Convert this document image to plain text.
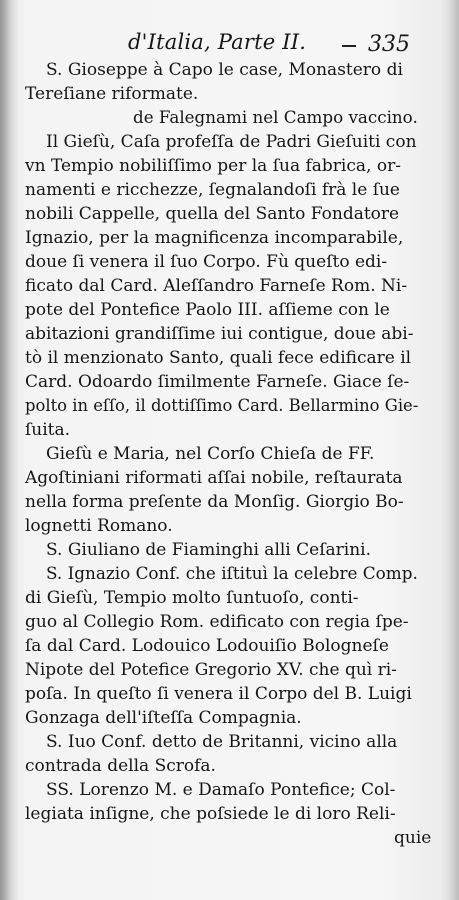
d'Italia, Parte II.	335
S. Gioseppe à Capo le case, Monastero di
Tereſiane riformate.
de Falegnami nel Campo vaccino.
Il Gieſù, Caſa profeſſa de Padri Gieſuiti con
vn Tempio nobiliſſimo per la ſua fabrica, or-
namenti e ricchezze, ſegnalandoſi frà le ſue
nobili Cappelle, quella del Santo Fondatore
Ignazio, per la magnificenza incomparabile,
doue ſi venera il ſuo Corpo. Fù queſto edi-
ficato dal Card. Aleſſandro Farneſe Rom. Ni-
pote del Pontefice Paolo III. aſſieme con le
abitazioni grandiſſime iui contigue, doue abi-
tò il menzionato Santo, quali fece edificare il
Card. Odoardo ſimilmente Farneſe. Giace ſe-
polto in eſſo, il dottiſſimo Card. Bellarmino Gie-
ſuita.
Gieſù e Maria, nel Corſo Chieſa de FF.
Agoſtiniani riformati aſſai nobile, reſtaurata
nella forma preſente da Monſig. Giorgio Bo-
lognetti Romano.
S. Giuliano de Fiaminghi alli Ceſarini.
S. Ignazio Conf. che iſtituì la celebre Comp.
di Gieſù, Tempio molto ſuntuoſo, conti-
guo al Collegio Rom. edificato con regia ſpe-
ſa dal Card. Lodouico Lodouiſio Bologneſe
Nipote del Potefice Gregorio XV. che quì ri-
poſa. In queſto ſi venera il Corpo del B. Luigi
Gonzaga dell'iſteſſa Compagnia.
S. Iuo Conf. detto de Britanni, vicino alla
contrada della Scrofa.
SS. Lorenzo M. e Damaſo Pontefice; Col-
legiata inſigne, che poſsiede le di loro Reli-
quie
